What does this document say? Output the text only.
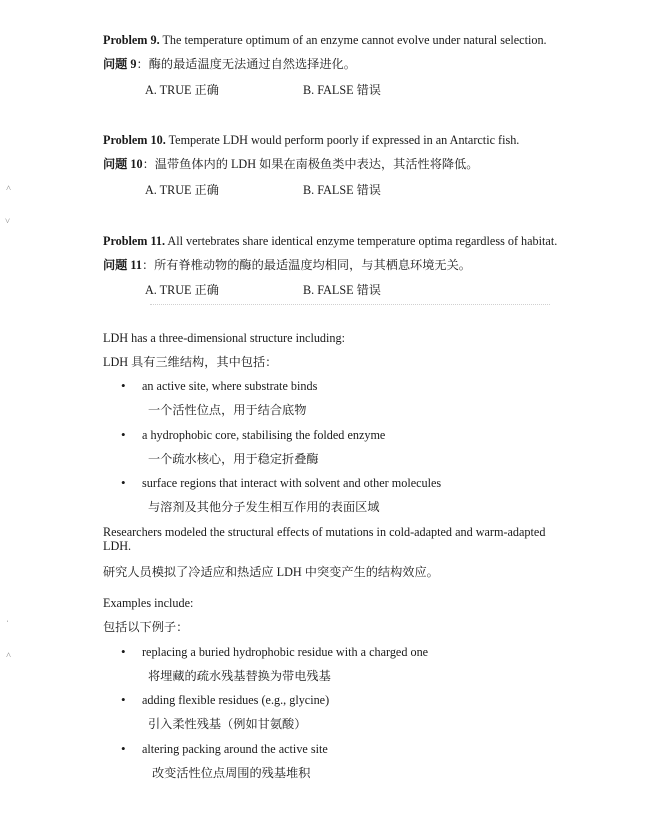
Problem 9. The temperature optimum of an enzyme cannot evolve under natural selection.
问题 9：酶的最适温度无法通过自然选择进化。
A. TRUE 正确	B. FALSE 错误
Problem 10. Temperate LDH would perform poorly if expressed in an Antarctic fish.
问题 10：温带鱼体内的 LDH 如果在南极鱼类中表达，其活性将降低。
A. TRUE 正确	B. FALSE 错误
Problem 11. All vertebrates share identical enzyme temperature optima regardless of habitat.
问题 11：所有脊椎动物的酶的最适温度均相同，与其栖息环境无关。
A. TRUE 正确	B. FALSE 错误
LDH has a three-dimensional structure including:
LDH 具有三维结构，其中包括：
• an active site, where substrate binds
一个活性位点，用于结合底物
• a hydrophobic core, stabilising the folded enzyme
一个疏水核心，用于稳定折叠酶
• surface regions that interact with solvent and other molecules
与溶剂及其他分子发生相互作用的表面区域
Researchers modeled the structural effects of mutations in cold-adapted and warm-adapted LDH.
研究人员模拟了冷适应和热适应 LDH 中突变产生的结构效应。
Examples include:
包括以下例子：
• replacing a buried hydrophobic residue with a charged one
将埋藏的疏水残基替换为带电残基
• adding flexible residues (e.g., glycine)
引入柔性残基（例如甘氨酸）
• altering packing around the active site
改变活性位点周围的残基堆积
˄
˅
ˌ
˄
